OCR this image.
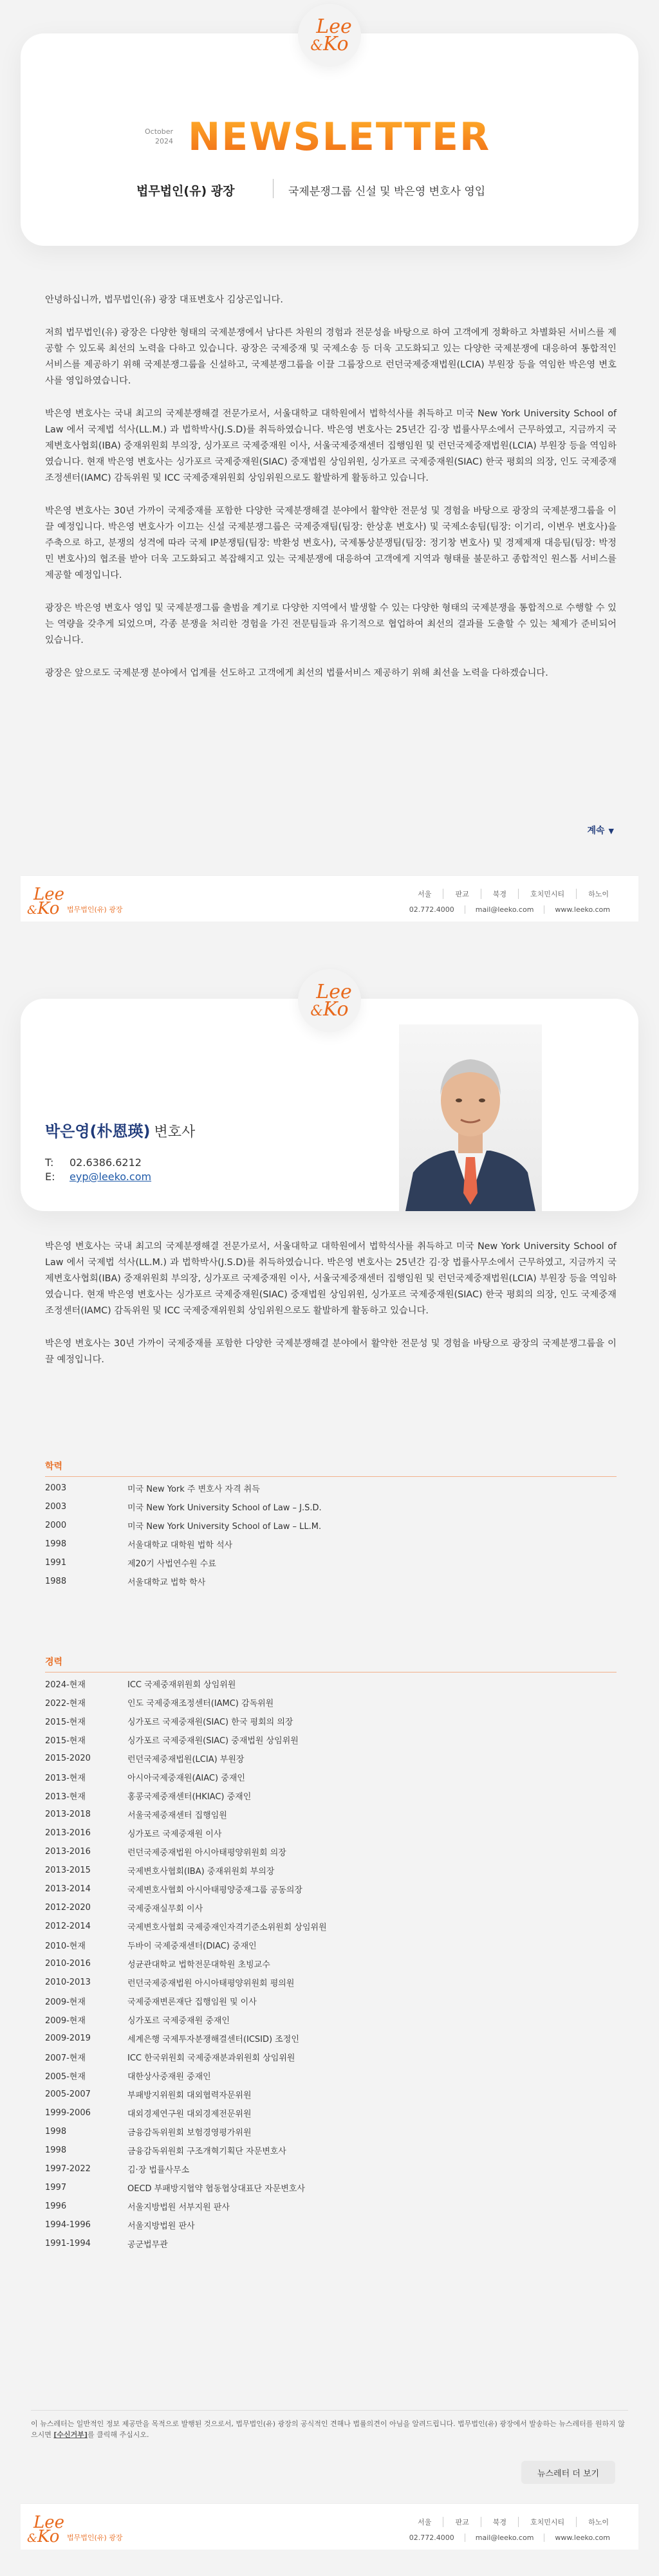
Lee
&Ko
October
2024 NEWSLETTER
법무법인(유) 광장	국제분쟁그룹 신설 및 박은영 변호사 영입

안녕하십니까, 법무법인(유) 광장 대표변호사 김상곤입니다.

저희 법무법인(유) 광장은 다양한 형태의 국제분쟁에서 남다른 차원의 경험과 전문성을 바탕으로 하여 고객에게 정확하고 차별화된 서비스를 제공할 수 있도록 최선의 노력을 다하고 있습니다. 광장은 국제중재 및 국제소송 등 더욱 고도화되고 있는 다양한 국제분쟁에 대응하여 통합적인 서비스를 제공하기 위해 국제분쟁그룹을 신설하고, 국제분쟁그룹을 이끌 그룹장으로 런던국제중재법원(LCIA) 부원장 등을 역임한 박은영 변호사를 영입하였습니다.

박은영 변호사는 국내 최고의 국제분쟁해결 전문가로서, 서울대학교 대학원에서 법학석사를 취득하고 미국 New York University School of Law 에서 국제법 석사(LL.M.) 과 법학박사(J.S.D)를 취득하였습니다. 박은영 변호사는 25년간 김·장 법률사무소에서 근무하였고, 지금까지 국제변호사협회(IBA) 중재위원회 부의장, 싱가포르 국제중재원 이사, 서울국제중재센터 집행임원 및 런던국제중재법원(LCIA) 부원장 등을 역임하였습니다. 현재 박은영 변호사는 싱가포르 국제중재원(SIAC) 중재법원 상임위원, 싱가포르 국제중재원(SIAC) 한국 평회의 의장, 인도 국제중재조정센터(IAMC) 감독위원 및 ICC 국제중재위원회 상임위원으로도 활발하게 활동하고 있습니다.

박은영 변호사는 30년 가까이 국제중재를 포함한 다양한 국제분쟁해결 분야에서 활약한 전문성 및 경험을 바탕으로 광장의 국제분쟁그룹을 이끌 예정입니다. 박은영 변호사가 이끄는 신설 국제분쟁그룹은 국제중재팀(팀장: 한상훈 변호사) 및 국제소송팀(팀장: 이기리, 이변우 변호사)을 주축으로 하고, 분쟁의 성격에 따라 국제 IP분쟁팀(팀장: 박환성 변호사), 국제통상분쟁팀(팀장: 정기창 변호사) 및 경제제재 대응팀(팀장: 박정민 변호사)의 협조를 받아 더욱 고도화되고 복잡해지고 있는 국제분쟁에 대응하여 고객에게 지역과 형태를 불문하고 종합적인 원스톱 서비스를 제공할 예정입니다.

광장은 박은영 변호사 영입 및 국제분쟁그룹 출범을 계기로 다양한 지역에서 발생할 수 있는 다양한 형태의 국제분쟁을 통합적으로 수행할 수 있는 역량을 갖추게 되었으며, 각종 분쟁을 처리한 경험을 가진 전문팀들과 유기적으로 협업하여 최선의 결과를 도출할 수 있는 체제가 준비되어 있습니다.

광장은 앞으로도 국제분쟁 분야에서 업계를 선도하고 고객에게 최선의 법률서비스 제공하기 위해 최선을 노력을 다하겠습니다.

계속 ▼
Lee
&Ko	법무법인(유) 광장
서울	판교	북경	호치민시티	하노이
02.772.4000	mail@leeko.com	www.leeko.com
Lee
&Ko
박은영(朴恩瑛) 변호사
T: 02.6386.6212
E: eyp@leeko.com

박은영 변호사는 국내 최고의 국제분쟁해결 전문가로서, 서울대학교 대학원에서 법학석사를 취득하고 미국 New York University School of Law 에서 국제법 석사(LL.M.) 과 법학박사(J.S.D)를 취득하였습니다. 박은영 변호사는 25년간 김·장 법률사무소에서 근무하였고, 지금까지 국제변호사협회(IBA) 중재위원회 부의장, 싱가포르 국제중재원 이사, 서울국제중재센터 집행임원 및 런던국제중재법원(LCIA) 부원장 등을 역임하였습니다. 현재 박은영 변호사는 싱가포르 국제중재원(SIAC) 중재법원 상임위원, 싱가포르 국제중재원(SIAC) 한국 평회의 의장, 인도 국제중재조정센터(IAMC) 감독위원 및 ICC 국제중재위원회 상임위원으로도 활발하게 활동하고 있습니다.

박은영 변호사는 30년 가까이 국제중재를 포함한 다양한 국제분쟁해결 분야에서 활약한 전문성 및 경험을 바탕으로 광장의 국제분쟁그룹을 이끌 예정입니다.

학력
2003	미국 New York 주 변호사 자격 취득
2003	미국 New York University School of Law – J.S.D.
2000	미국 New York University School of Law – LL.M.
1998	서울대학교 대학원 법학 석사
1991	제20기 사법연수원 수료
1988	서울대학교 법학 학사
경력
2024-현재	ICC 국제중재위원회 상임위원
2022-현재	인도 국제중재조정센터(IAMC) 감독위원
2015-현재	싱가포르 국제중재원(SIAC) 한국 평회의 의장
2015-현재	싱가포르 국제중재원(SIAC) 중재법원 상임위원
2015-2020	런던국제중재법원(LCIA) 부원장
2013-현재	아시아국제중재원(AIAC) 중재인
2013-현재	홍콩국제중재센터(HKIAC) 중재인
2013-2018	서울국제중재센터 집행임원
2013-2016	싱가포르 국제중재원 이사
2013-2016	런던국제중재법원 아시아태평양위원회 의장
2013-2015	국제변호사협회(IBA) 중재위원회 부의장
2013-2014	국제변호사협회 아시아태평양중재그룹 공동의장
2012-2020	국제중재실무회 이사
2012-2014	국제변호사협회 국제중재인자격기준소위원회 상임위원
2010-현재	두바이 국제중재센터(DIAC) 중재인
2010-2016	성균관대학교 법학전문대학원 초빙교수
2010-2013	런던국제중재법원 아시아태평양위원회 평의원
2009-현재	국제중재변론재단 집행임원 및 이사
2009-현재	싱가포르 국제중재원 중재인
2009-2019	세계은행 국제투자분쟁해결센터(ICSID) 조정인
2007-현재	ICC 한국위원회 국제중재분과위원회 상임위원
2005-현재	대한상사중재원 중재인
2005-2007	부패방지위원회 대외협력자문위원
1999-2006	대외경제연구원 대외경제전문위원
1998	금융감독위원회 보험경영평가위원
1998	금융감독위원회 구조개혁기획단 자문변호사
1997-2022	김·장 법률사무소
1997	OECD 부패방지협약 협동협상대표단 자문변호사
1996	서울지방법원 서부지원 판사
1994-1996	서울지방법원 판사
1991-1994	공군법무관
이 뉴스레터는 일반적인 정보 제공만을 목적으로 발행된 것으로서, 법무법인(유) 광장의 공식적인 견해나 법률의견이 아님을 알려드립니다. 법무법인(유) 광장에서 발송하는 뉴스레터를 원하지 않으시면 [수신거부]를 클릭해 주십시오.
뉴스레터 더 보기
Lee
&Ko	법무법인(유) 광장
서울	판교	북경	호치민시티	하노이
02.772.4000	mail@leeko.com	www.leeko.com
